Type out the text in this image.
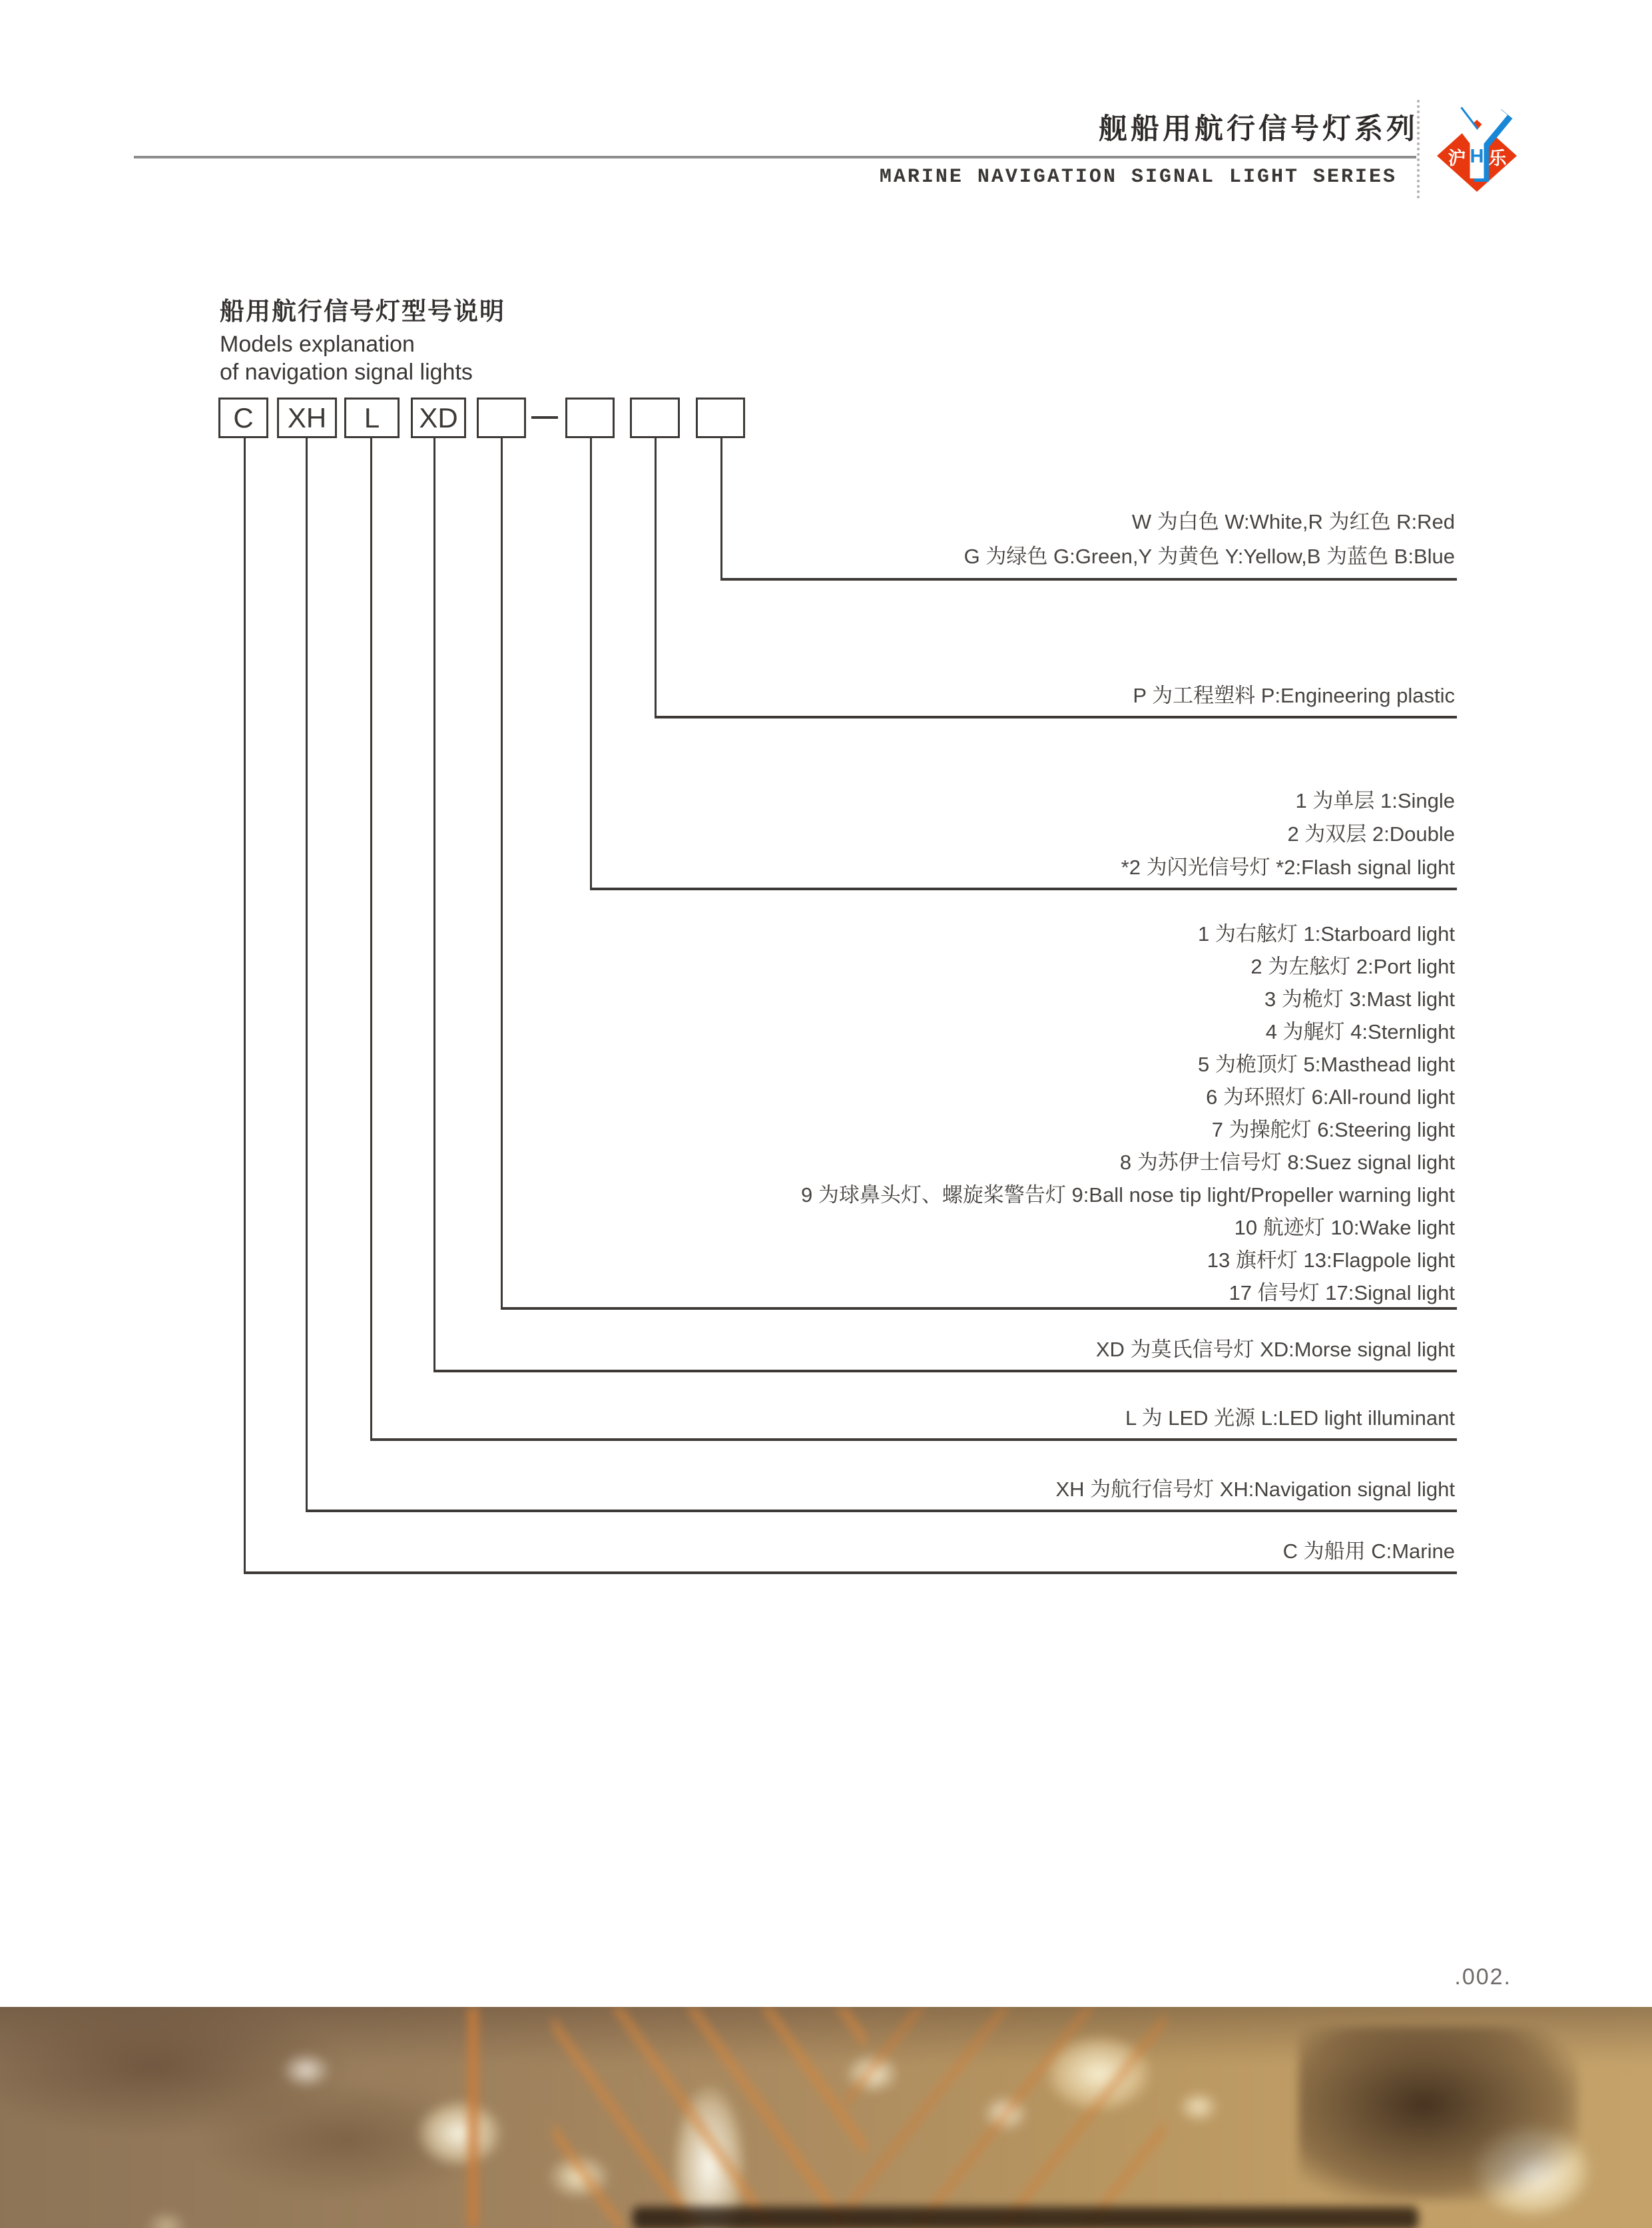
舰船用航行信号灯系列
MARINE NAVIGATION SIGNAL LIGHT SERIES
沪 H 乐
船用航行信号灯型号说明
Models explanation
of navigation signal lights
C	XH	L	XD
W 为白色 W:White,R 为红色 R:Red
G 为绿色 G:Green,Y 为黄色 Y:Yellow,B 为蓝色 B:Blue
P 为工程塑料 P:Engineering plastic
1 为单层 1:Single
2 为双层 2:Double
*2 为闪光信号灯 *2:Flash signal light
1 为右舷灯 1:Starboard light
2 为左舷灯 2:Port light
3 为桅灯 3:Mast light
4 为艉灯 4:Sternlight
5 为桅顶灯 5:Masthead light
6 为环照灯 6:All-round light
7 为操舵灯 6:Steering light
8 为苏伊士信号灯 8:Suez signal light
9 为球鼻头灯、螺旋桨警告灯 9:Ball nose tip light/Propeller warning light
10 航迹灯 10:Wake light
13 旗杆灯 13:Flagpole light
17 信号灯 17:Signal light
XD 为莫氏信号灯 XD:Morse signal light
L 为 LED 光源 L:LED light illuminant
XH 为航行信号灯 XH:Navigation signal light
C 为船用 C:Marine
.002.
